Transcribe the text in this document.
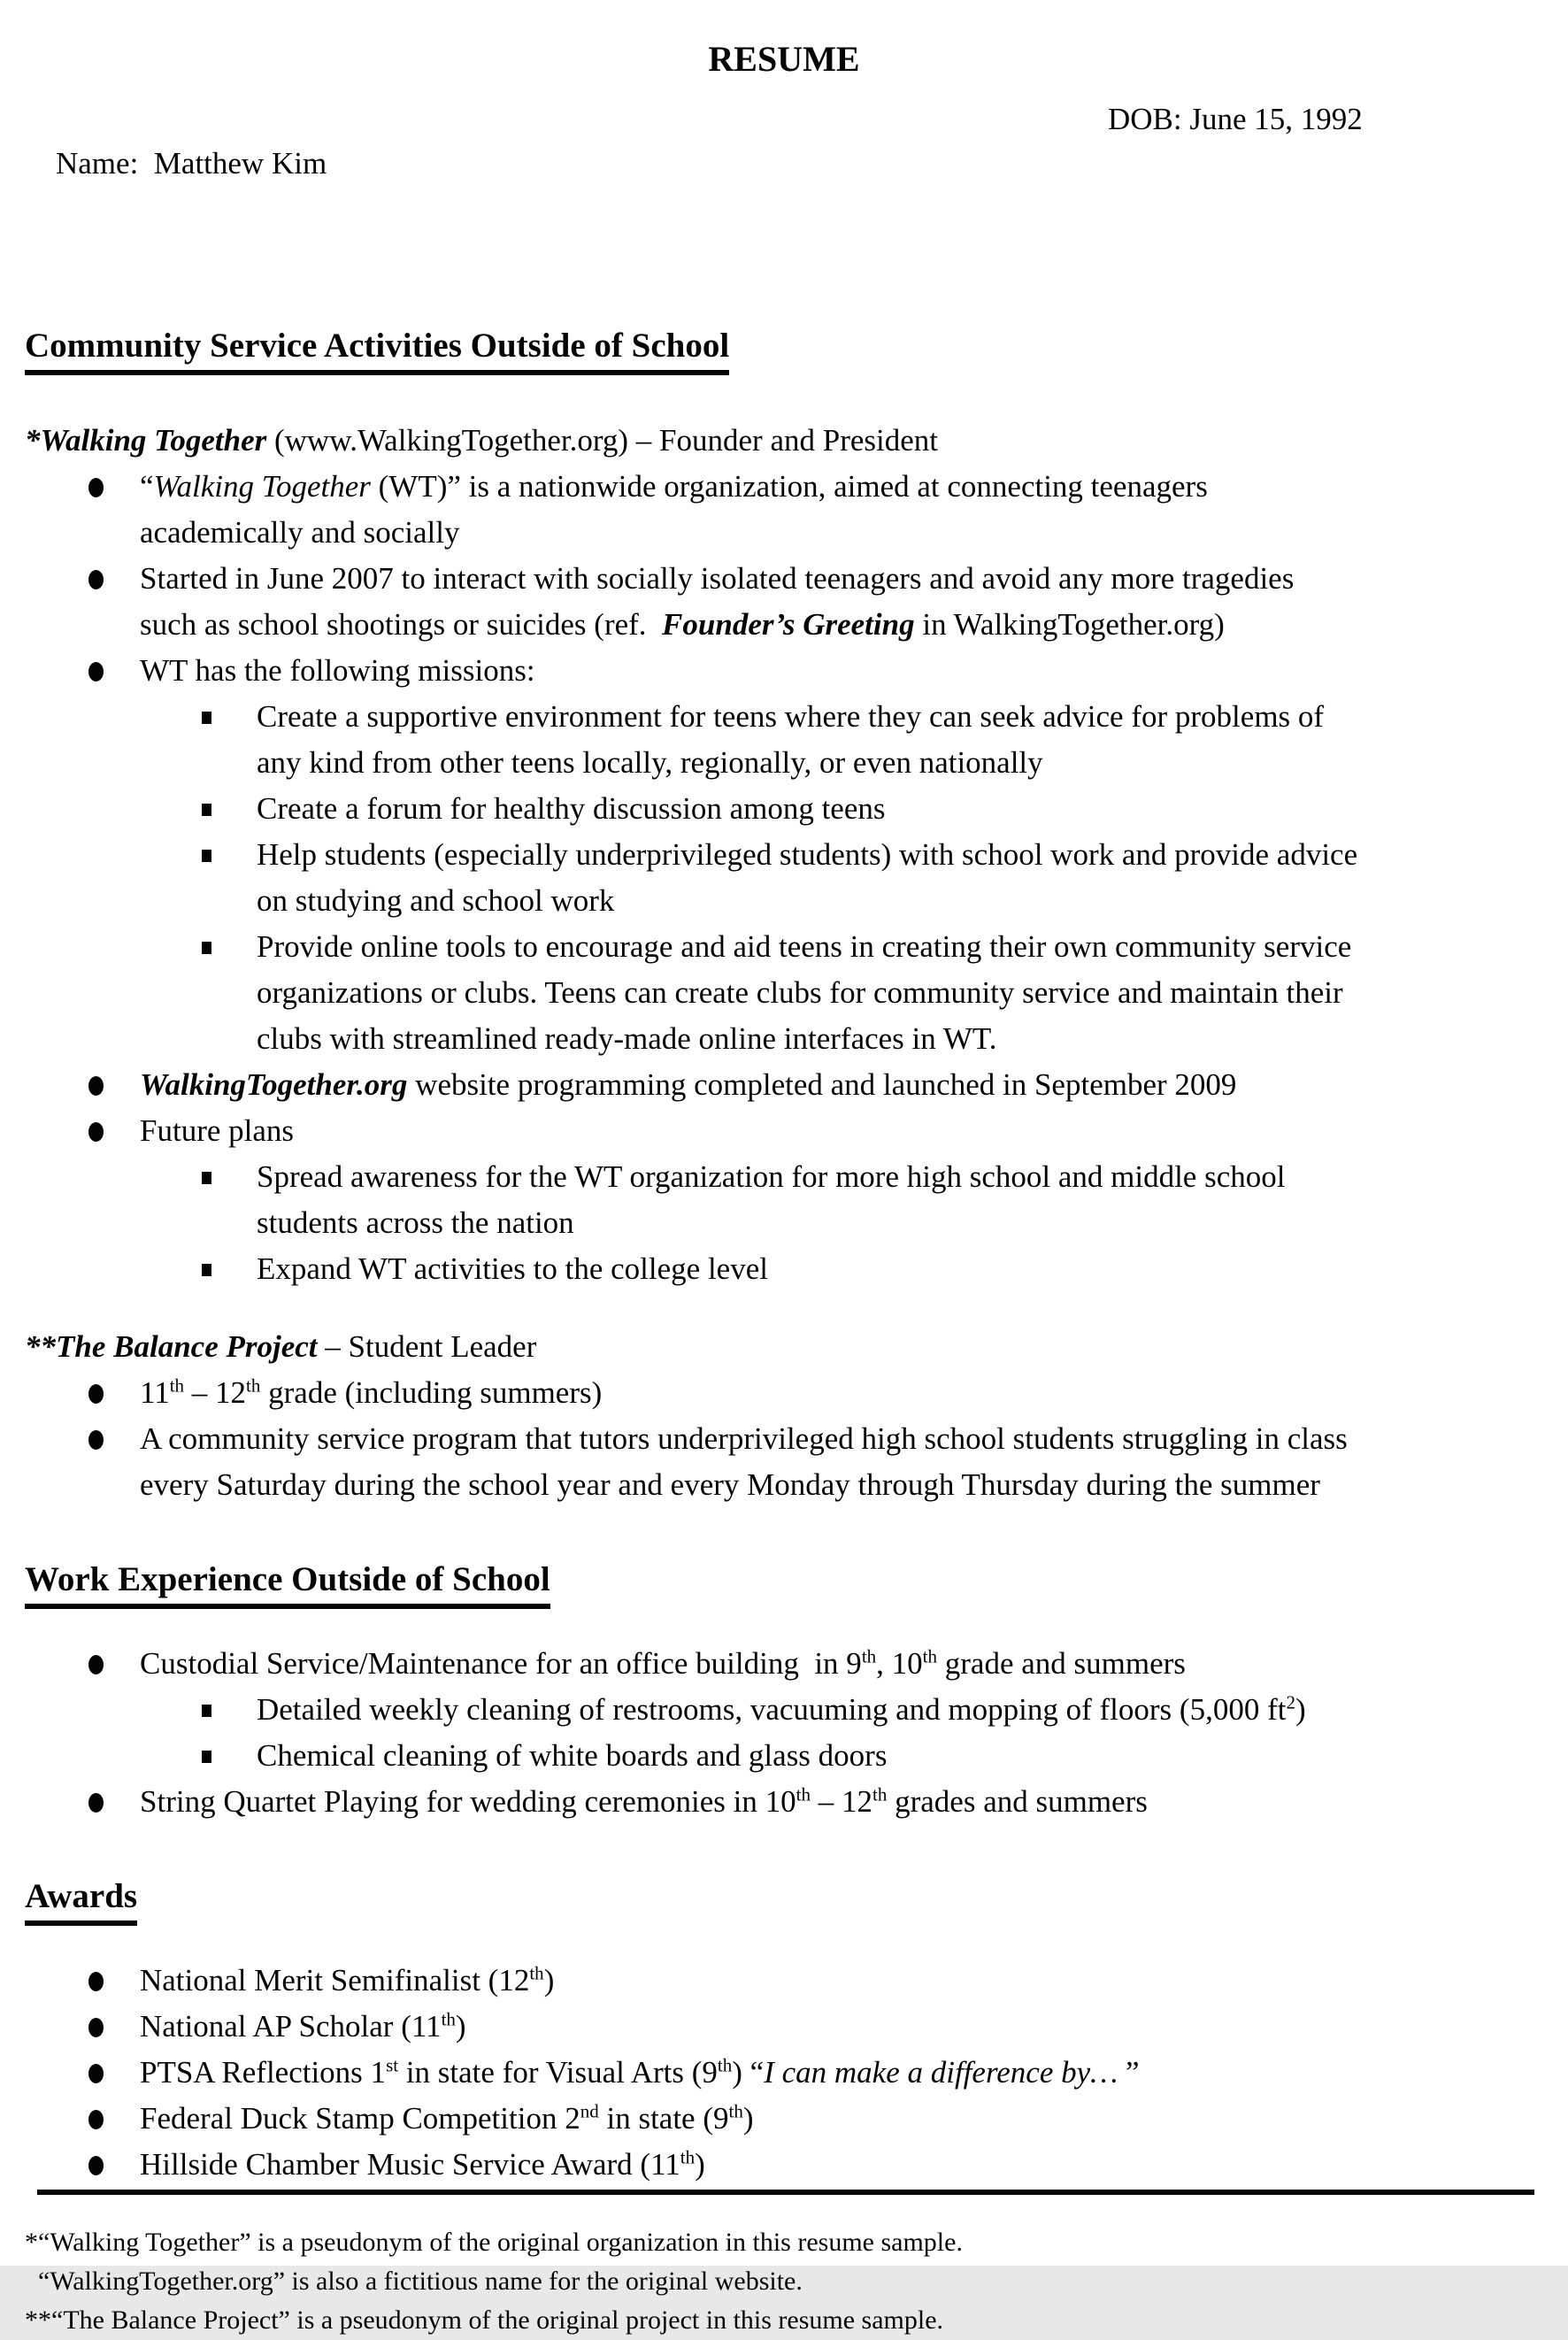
RESUME

Name:  Matthew Kim

DOB: June 15, 1992

Community Service Activities Outside of School
*Walking Together (www.WalkingTogether.org) – Founder and President
“Walking Together (WT)” is a nationwide organization, aimed at connecting teenagers
academically and socially
Started in June 2007 to interact with socially isolated teenagers and avoid any more tragedies
such as school shootings or suicides (ref.  Founder’s Greeting in WalkingTogether.org)
WT has the following missions:
Create a supportive environment for teens where they can seek advice for problems of
any kind from other teens locally, regionally, or even nationally
Create a forum for healthy discussion among teens
Help students (especially underprivileged students) with school work and provide advice
on studying and school work
Provide online tools to encourage and aid teens in creating their own community service
organizations or clubs. Teens can create clubs for community service and maintain their
clubs with streamlined ready-made online interfaces in WT.
WalkingTogether.org website programming completed and launched in September 2009
Future plans
Spread awareness for the WT organization for more high school and middle school
students across the nation
Expand WT activities to the college level
**The Balance Project – Student Leader
11th – 12th grade (including summers)
A community service program that tutors underprivileged high school students struggling in class
every Saturday during the school year and every Monday through Thursday during the summer
Work Experience Outside of School
Custodial Service/Maintenance for an office building  in 9th, 10th grade and summers
Detailed weekly cleaning of restrooms, vacuuming and mopping of floors (5,000 $ft^2$)
Chemical cleaning of white boards and glass doors
String Quartet Playing for wedding ceremonies in 10th – 12th grades and summers
Awards
National Merit Semifinalist (12th)
National AP Scholar (11th)
PTSA Reflections 1st in state for Visual Arts (9th) “I can make a difference by… ”
Federal Duck Stamp Competition 2nd in state (9th)
Hillside Chamber Music Service Award (11th)
*“Walking Together” is a pseudonym of the original organization in this resume sample.
“WalkingTogether.org” is also a fictitious name for the original website.
**“The Balance Project” is a pseudonym of the original project in this resume sample.
